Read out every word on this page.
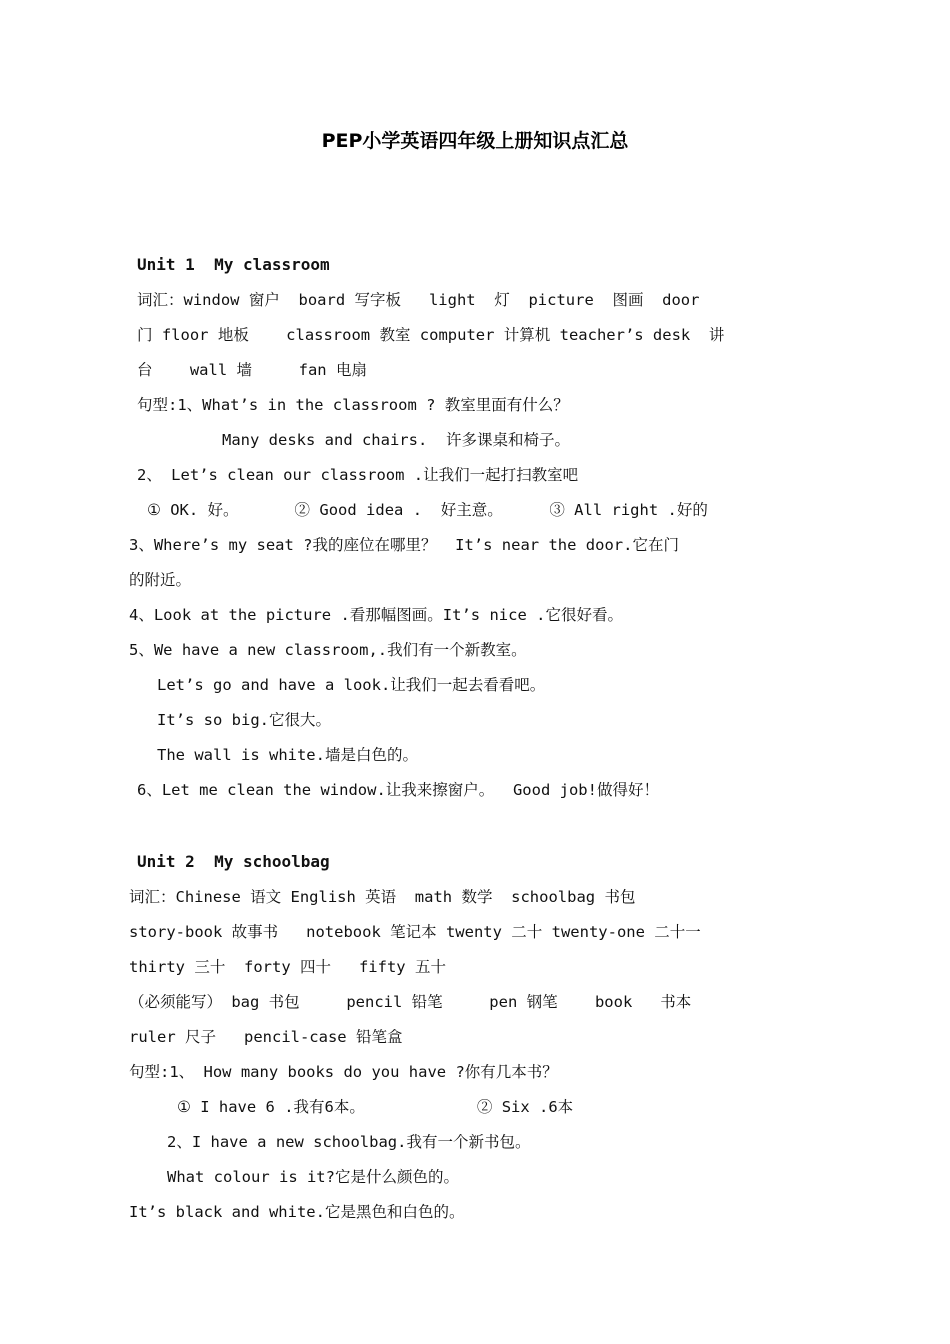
PEP小学英语四年级上册知识点汇总
Unit 1  My classroom
词汇：window 窗户  board 写字板   light  灯  picture  图画  door
门 floor 地板    classroom 教室 computer 计算机 teacher’s desk  讲
台    wall 墙     fan 电扇
句型:1、What’s in the classroom ? 教室里面有什么？
Many desks and chairs.  许多课桌和椅子。
2、 Let’s clean our classroom .让我们一起打扫教室吧
① OK. 好。      ② Good idea .  好主意。     ③ All right .好的
3、Where’s my seat ?我的座位在哪里？  It’s near the door.它在门
的附近。
4、Look at the picture .看那幅图画。It’s nice .它很好看。
5、We have a new classroom,.我们有一个新教室。
Let’s go and have a look.让我们一起去看看吧。
It’s so big.它很大。
The wall is white.墙是白色的。
6、Let me clean the window.让我来擦窗户。  Good job!做得好！
Unit 2  My schoolbag
词汇：Chinese 语文 English 英语  math 数学  schoolbag 书包
story-book 故事书   notebook 笔记本 twenty 二十 twenty-one 二十一
thirty 三十  forty 四十   fifty 五十
（必须能写） bag 书包     pencil 铅笔     pen 钢笔    book   书本
ruler 尺子   pencil-case 铅笔盒
句型:1、 How many books do you have ?你有几本书？
① I have 6 .我有6本。            ② Six .6本
2、I have a new schoolbag.我有一个新书包。
What colour is it?它是什么颜色的。
It’s black and white.它是黑色和白色的。
